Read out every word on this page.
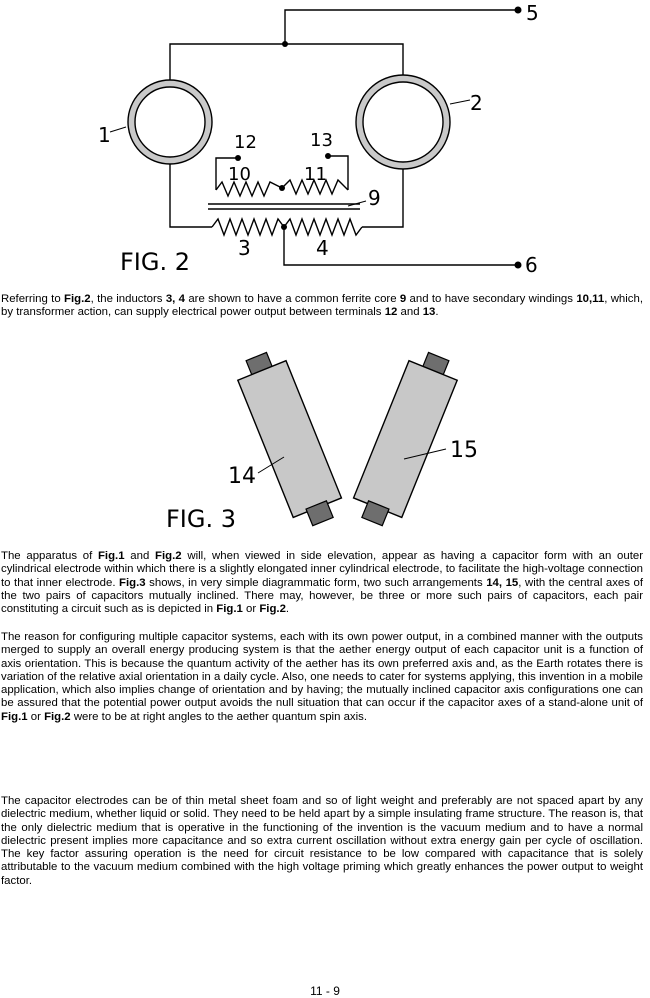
1
2
3	4
5
6
9
10	11
12	13
FIG. 2

Referring to Fig.2, the inductors 3, 4 are shown to have a common ferrite core 9 and to have secondary windings 10,11, which, by transformer action, can supply electrical power output between terminals 12 and 13.

14
15
FIG. 3

The apparatus of Fig.1 and Fig.2 will, when viewed in side elevation, appear as having a capacitor form with an outer cylindrical electrode within which there is a slightly elongated inner cylindrical electrode, to facilitate the high-voltage connection to that inner electrode. Fig.3 shows, in very simple diagrammatic form, two such arrangements 14, 15, with the central axes of the two pairs of capacitors mutually inclined. There may, however, be three or more such pairs of capacitors, each pair constituting a circuit such as is depicted in Fig.1 or Fig.2.

The reason for configuring multiple capacitor systems, each with its own power output, in a combined manner with the outputs merged to supply an overall energy producing system is that the aether energy output of each capacitor unit is a function of axis orientation. This is because the quantum activity of the aether has its own preferred axis and, as the Earth rotates there is variation of the relative axial orientation in a daily cycle. Also, one needs to cater for systems applying, this invention in a mobile application, which also implies change of orientation and by having; the mutually inclined capacitor axis configurations one can be assured that the potential power output avoids the null situation that can occur if the capacitor axes of a stand-alone unit of Fig.1 or Fig.2 were to be at right angles to the aether quantum spin axis.

The capacitor electrodes can be of thin metal sheet foam and so of light weight and preferably are not spaced apart by any dielectric medium, whether liquid or solid. They need to be held apart by a simple insulating frame structure. The reason is, that the only dielectric medium that is operative in the functioning of the invention is the vacuum medium and to have a normal dielectric present implies more capacitance and so extra current oscillation without extra energy gain per cycle of oscillation. The key factor assuring operation is the need for circuit resistance to be low compared with capacitance that is solely attributable to the vacuum medium combined with the high voltage priming which greatly enhances the power output to weight factor.

11 - 9
